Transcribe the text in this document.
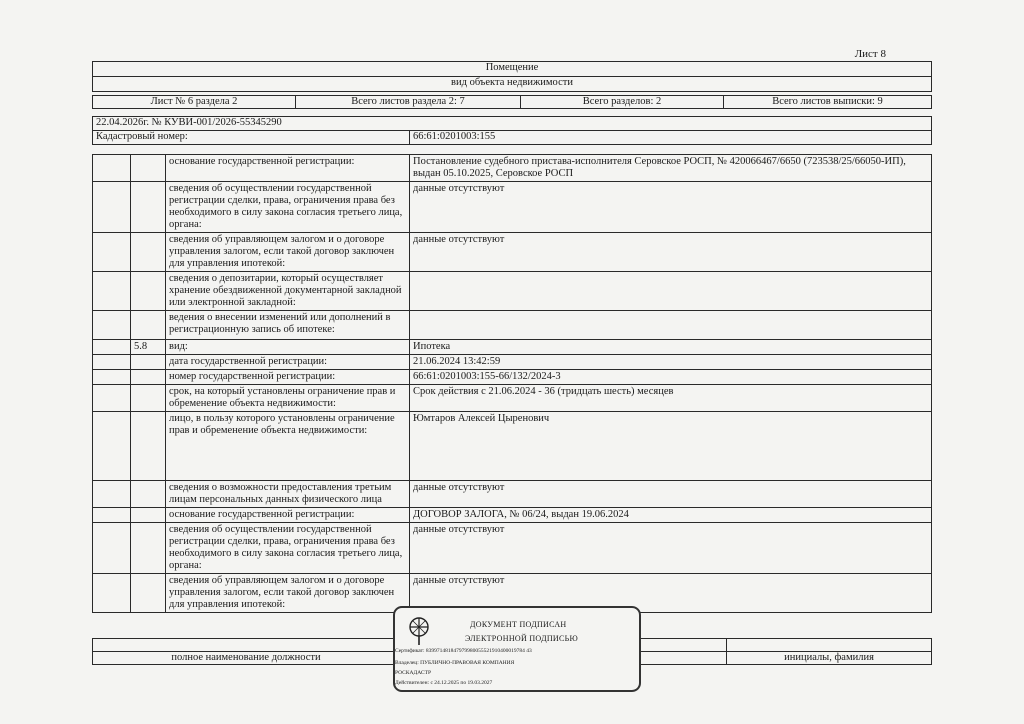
Лист 8
Помещение
вид объекта недвижимости
Лист № 6 раздела 2	Всего листов раздела 2: 7	Всего разделов: 2	Всего листов выписки: 9
22.04.2026г. № КУВИ-001/2026-55345290
Кадастровый номер:	66:61:0201003:155
		основание государственной регистрации:	Постановление судебного пристава-исполнителя Серовское РОСП, № 420066467/6650 (723538/25/66050-ИП), выдан 05.10.2025, Серовское РОСП
		сведения об осуществлении государственной регистрации сделки, права, ограничения права без необходимого в силу закона согласия третьего лица, органа:	данные отсутствуют
		сведения об управляющем залогом и о договоре управления залогом, если такой договор заключен для управления ипотекой:	данные отсутствуют
		сведения о депозитарии, который осуществляет хранение обездвиженной документарной закладной или электронной закладной:	
		ведения о внесении изменений или дополнений в регистрационную запись об ипотеке:	
	5.8	вид:	Ипотека
		дата государственной регистрации:	21.06.2024 13:42:59
		номер государственной регистрации:	66:61:0201003:155-66/132/2024-3
		срок, на который установлены ограничение прав и обременение объекта недвижимости:	Срок действия с 21.06.2024 - 36 (тридцать шесть) месяцев
		лицо, в пользу которого установлены ограничение прав и обременение объекта недвижимости:	Юмтаров Алексей Цыренович
		сведения о возможности предоставления третьим лицам персональных данных физического лица	данные отсутствуют
		основание государственной регистрации:	ДОГОВОР ЗАЛОГА, № 06/24, выдан 19.06.2024
		сведения об осуществлении государственной регистрации сделки, права, ограничения права без необходимого в силу закона согласия третьего лица, органа:	данные отсутствуют
		сведения об управляющем залогом и о договоре управления залогом, если такой договор заключен для управления ипотекой:	данные отсутствуют

полное наименование должности		инициалы, фамилия
ДОКУМЕНТ ПОДПИСАН
ЭЛЕКТРОННОЙ ПОДПИСЬЮ
Сертификат: 839971481847979980055521910400019784 43
Владелец: ПУБЛИЧНО-ПРАВОВАЯ КОМПАНИЯ
РОСКАДАСТР
Действителен: с 24.12.2025 по 19.03.2027
